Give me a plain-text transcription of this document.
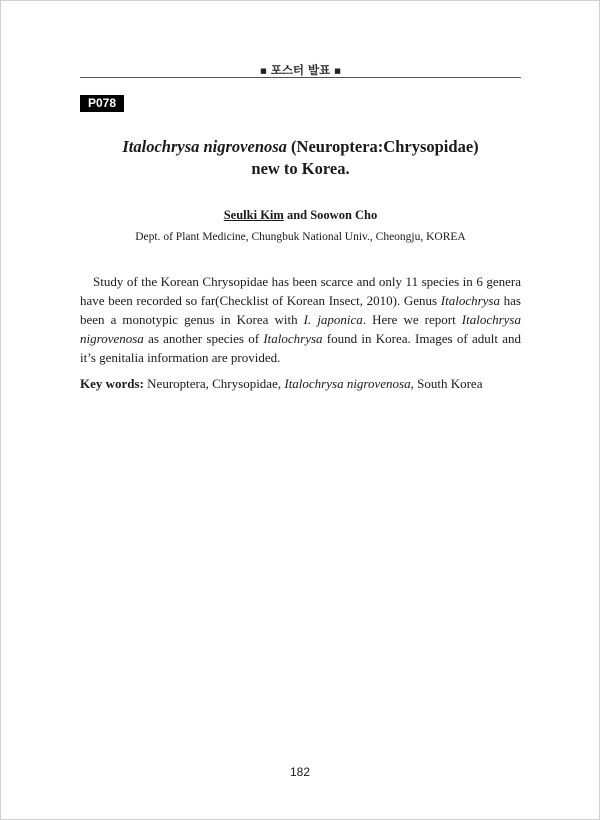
■ 포스터 발표 ■
P078
Italochrysa nigrovenosa (Neuroptera:Chrysopidae)
new to Korea.
Seulki Kim and Soowon Cho
Dept. of Plant Medicine, Chungbuk National Univ., Cheongju, KOREA

Study of the Korean Chrysopidae has been scarce and only 11 species in 6 genera have been recorded so far(Checklist of Korean Insect, 2010). Genus Italochrysa has been a monotypic genus in Korea with I. japonica. Here we report Italochrysa nigrovenosa as another species of Italochrysa found in Korea. Images of adult and it’s genitalia information are provided.

Key words: Neuroptera, Chrysopidae, Italochrysa nigrovenosa, South Korea

182
